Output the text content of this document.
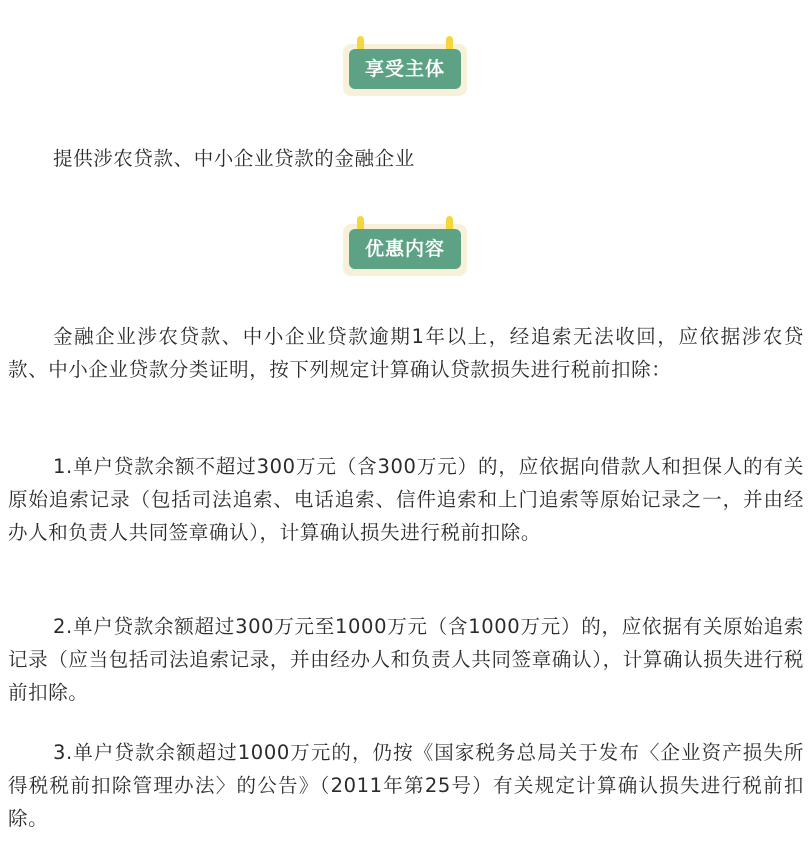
享受主体

提供涉农贷款、中小企业贷款的金融企业

优惠内容

金融企业涉农贷款、中小企业贷款逾期1年以上，经追索无法收回，应依据涉农贷款、中小企业贷款分类证明，按下列规定计算确认贷款损失进行税前扣除：

1.单户贷款余额不超过300万元（含300万元）的，应依据向借款人和担保人的有关原始追索记录（包括司法追索、电话追索、信件追索和上门追索等原始记录之一，并由经办人和负责人共同签章确认），计算确认损失进行税前扣除。

2.单户贷款余额超过300万元至1000万元（含1000万元）的，应依据有关原始追索记录（应当包括司法追索记录，并由经办人和负责人共同签章确认），计算确认损失进行税前扣除。

3.单户贷款余额超过1000万元的，仍按《国家税务总局关于发布〈企业资产损失所得税税前扣除管理办法〉的公告》（2011年第25号）有关规定计算确认损失进行税前扣除。
